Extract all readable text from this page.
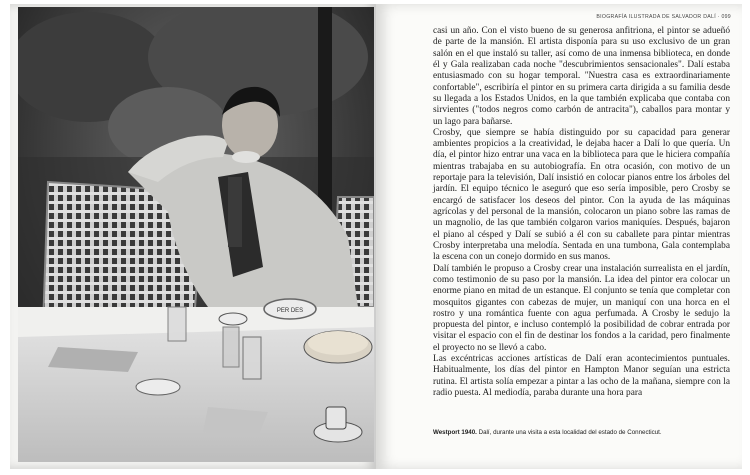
PER DES
BIOGRAFÍA ILUSTRADA DE SALVADOR DALÍ · 099

casi un año. Con el visto bueno de su generosa anfitriona, el pintor se adueñó de parte de la mansión. El artista disponía para su uso exclusivo de un gran salón en el que instaló su taller, así como de una inmensa biblioteca, en donde él y Gala realizaban cada noche "descubrimientos sensacionales". Dalí estaba entusiasmado con su hogar temporal. "Nuestra casa es extraordinariamente confortable", escribiría el pintor en su primera carta dirigida a su familia desde su llegada a los Estados Unidos, en la que también explicaba que contaba con sirvientes ("todos negros como carbón de antracita"), caballos para montar y un lago para bañarse.

Crosby, que siempre se había distinguido por su capacidad para generar ambientes propicios a la creatividad, le dejaba hacer a Dalí lo que quería. Un día, el pintor hizo entrar una vaca en la biblioteca para que le hiciera compañía mientras trabajaba en su autobiografía. En otra ocasión, con motivo de un reportaje para la televisión, Dalí insistió en colocar pianos entre los árboles del jardín. El equipo técnico le aseguró que eso sería imposible, pero Crosby se encargó de satisfacer los deseos del pintor. Con la ayuda de las máquinas agrícolas y del personal de la mansión, colocaron un piano sobre las ramas de un magnolio, de las que también colgaron varios maniquíes. Después, bajaron el piano al césped y Dalí se subió a él con su caballete para pintar mientras Crosby interpretaba una melodía. Sentada en una tumbona, Gala contemplaba la escena con un conejo dormido en sus manos.

Dalí también le propuso a Crosby crear una instalación surrealista en el jardín, como testimonio de su paso por la mansión. La idea del pintor era colocar un enorme piano en mitad de un estanque. El conjunto se tenía que completar con mosquitos gigantes con cabezas de mujer, un maniquí con una horca en el rostro y una romántica fuente con agua perfumada. A Crosby le sedujo la propuesta del pintor, e incluso contempló la posibilidad de cobrar entrada por visitar el espacio con el fin de destinar los fondos a la caridad, pero finalmente el proyecto no se llevó a cabo.

Las excéntricas acciones artísticas de Dalí eran acontecimientos puntuales. Habitualmente, los días del pintor en Hampton Manor seguían una estricta rutina. El artista solía empezar a pintar a las ocho de la mañana, siempre con la radio puesta. Al mediodía, paraba durante una hora para

Westport 1940. Dalí, durante una visita a esta localidad del estado de Connecticut.
